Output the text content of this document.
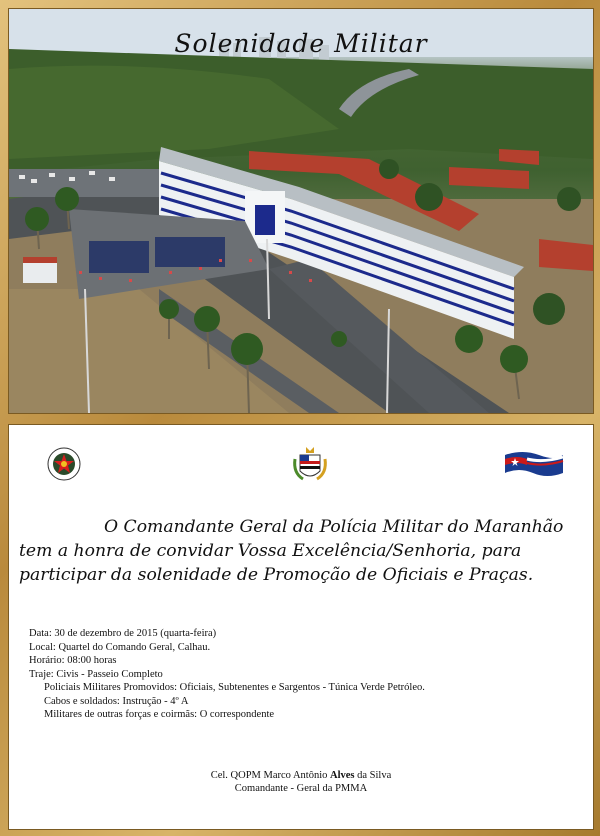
Solenidade Militar
O Comandante Geral da Polícia Militar do Maranhão
tem a honra de convidar Vossa Excelência/Senhoria, para
participar da solenidade de Promoção de Oficiais e Praças.
Data: 30 de dezembro de 2015 (quarta-feira)
Local: Quartel do Comando Geral, Calhau.
Horário: 08:00 horas
Traje: Civis - Passeio Completo
Policiais Militares Promovidos: Oficiais, Subtenentes e Sargentos - Túnica Verde Petróleo.
Cabos e soldados: Instrução - 4º A
Militares de outras forças e coirmãs: O correspondente
Cel. QOPM Marco Antônio Alves da Silva
Comandante - Geral da PMMA
